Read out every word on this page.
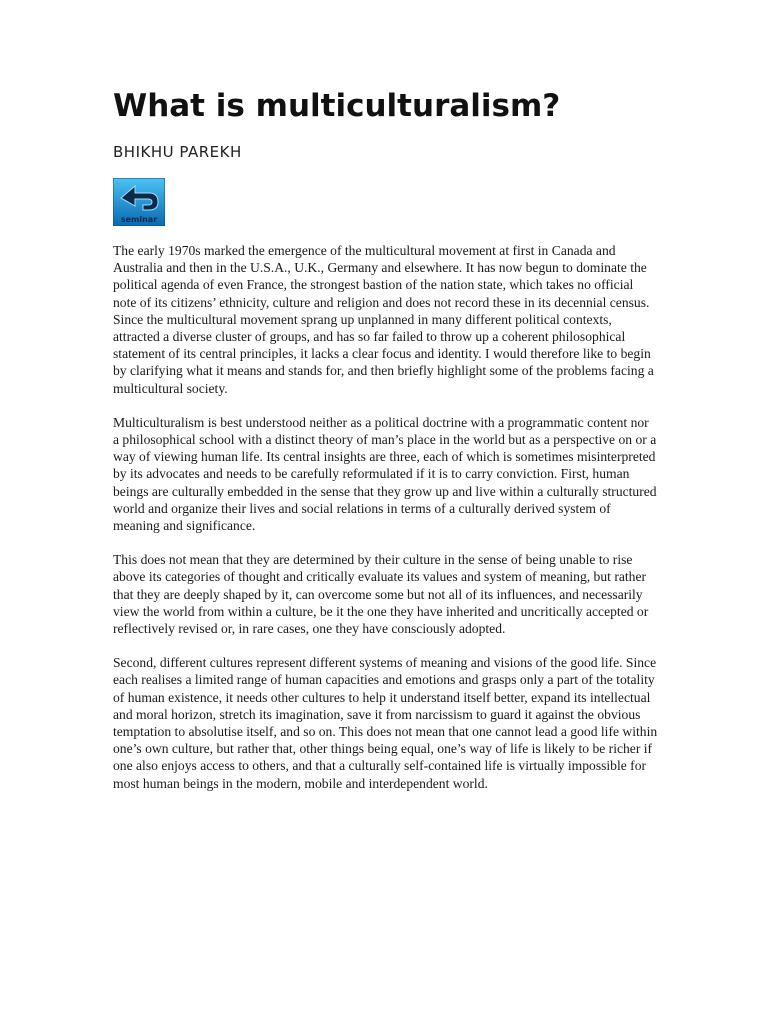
What is multiculturalism?
BHIKHU PAREKH
seminar

The early 1970s marked the emergence of the multicultural movement at first in Canada and Australia and then in the U.S.A., U.K., Germany and elsewhere. It has now begun to dominate the political agenda of even France, the strongest bastion of the nation state, which takes no official note of its citizens’ ethnicity, culture and religion and does not record these in its decennial census. Since the multicultural movement sprang up unplanned in many different political contexts, attracted a diverse cluster of groups, and has so far failed to throw up a coherent philosophical statement of its central principles, it lacks a clear focus and identity. I would therefore like to begin by clarifying what it means and stands for, and then briefly highlight some of the problems facing a multicultural society.

Multiculturalism is best understood neither as a political doctrine with a programmatic content nor a philosophical school with a distinct theory of man’s place in the world but as a perspective on or a way of viewing human life. Its central insights are three, each of which is sometimes misinterpreted by its advocates and needs to be carefully reformulated if it is to carry conviction. First, human beings are culturally embedded in the sense that they grow up and live within a culturally structured world and organize their lives and social relations in terms of a culturally derived system of meaning and significance.

This does not mean that they are determined by their culture in the sense of being unable to rise above its categories of thought and critically evaluate its values and system of meaning, but rather that they are deeply shaped by it, can overcome some but not all of its influences, and necessarily view the world from within a culture, be it the one they have inherited and uncritically accepted or reflectively revised or, in rare cases, one they have consciously adopted.

Second, different cultures represent different systems of meaning and visions of the good life. Since each realises a limited range of human capacities and emotions and grasps only a part of the totality of human existence, it needs other cultures to help it understand itself better, expand its intellectual and moral horizon, stretch its imagination, save it from narcissism to guard it against the obvious temptation to absolutise itself, and so on. This does not mean that one cannot lead a good life within one’s own culture, but rather that, other things being equal, one’s way of life is likely to be richer if one also enjoys access to others, and that a culturally self-contained life is virtually impossible for most human beings in the modern, mobile and interdependent world.
